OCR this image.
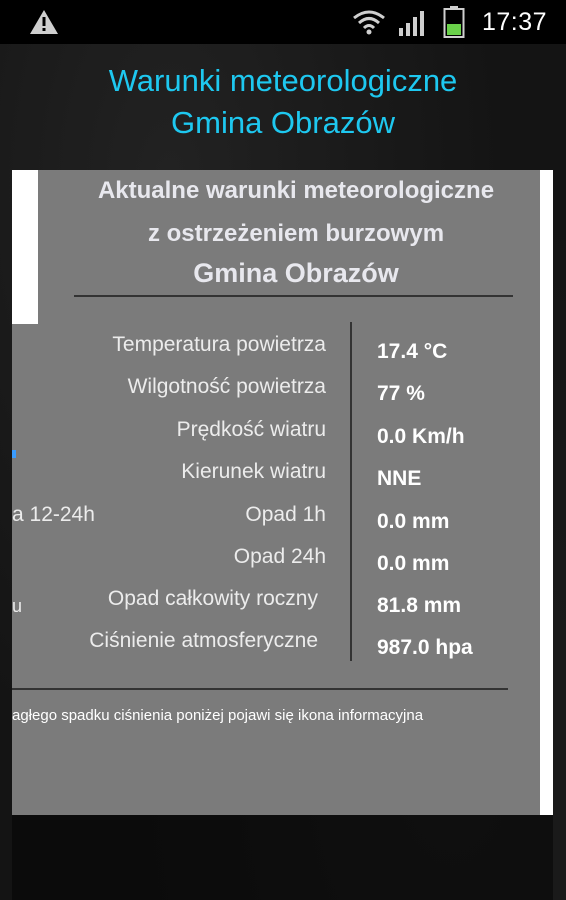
17:37
Warunki meteorologiczne
Gmina Obrazów
Aktualne warunki meteorologiczne
z ostrzeżeniem burzowym
Gmina Obrazów
Temperatura powietrza 17.4 °C
Wilgotność powietrza 77 %
Prędkość wiatru 0.0 Km/h
Kierunek wiatru NNE
Opad 1h 0.0 mm
Opad 24h 0.0 mm
Opad całkowity roczny	81.8 mm
Ciśnienie atmosferyczne	987.0 hpa
a 12-24h
u
agłego spadku ciśnienia poniżej pojawi się ikona informacyjna
